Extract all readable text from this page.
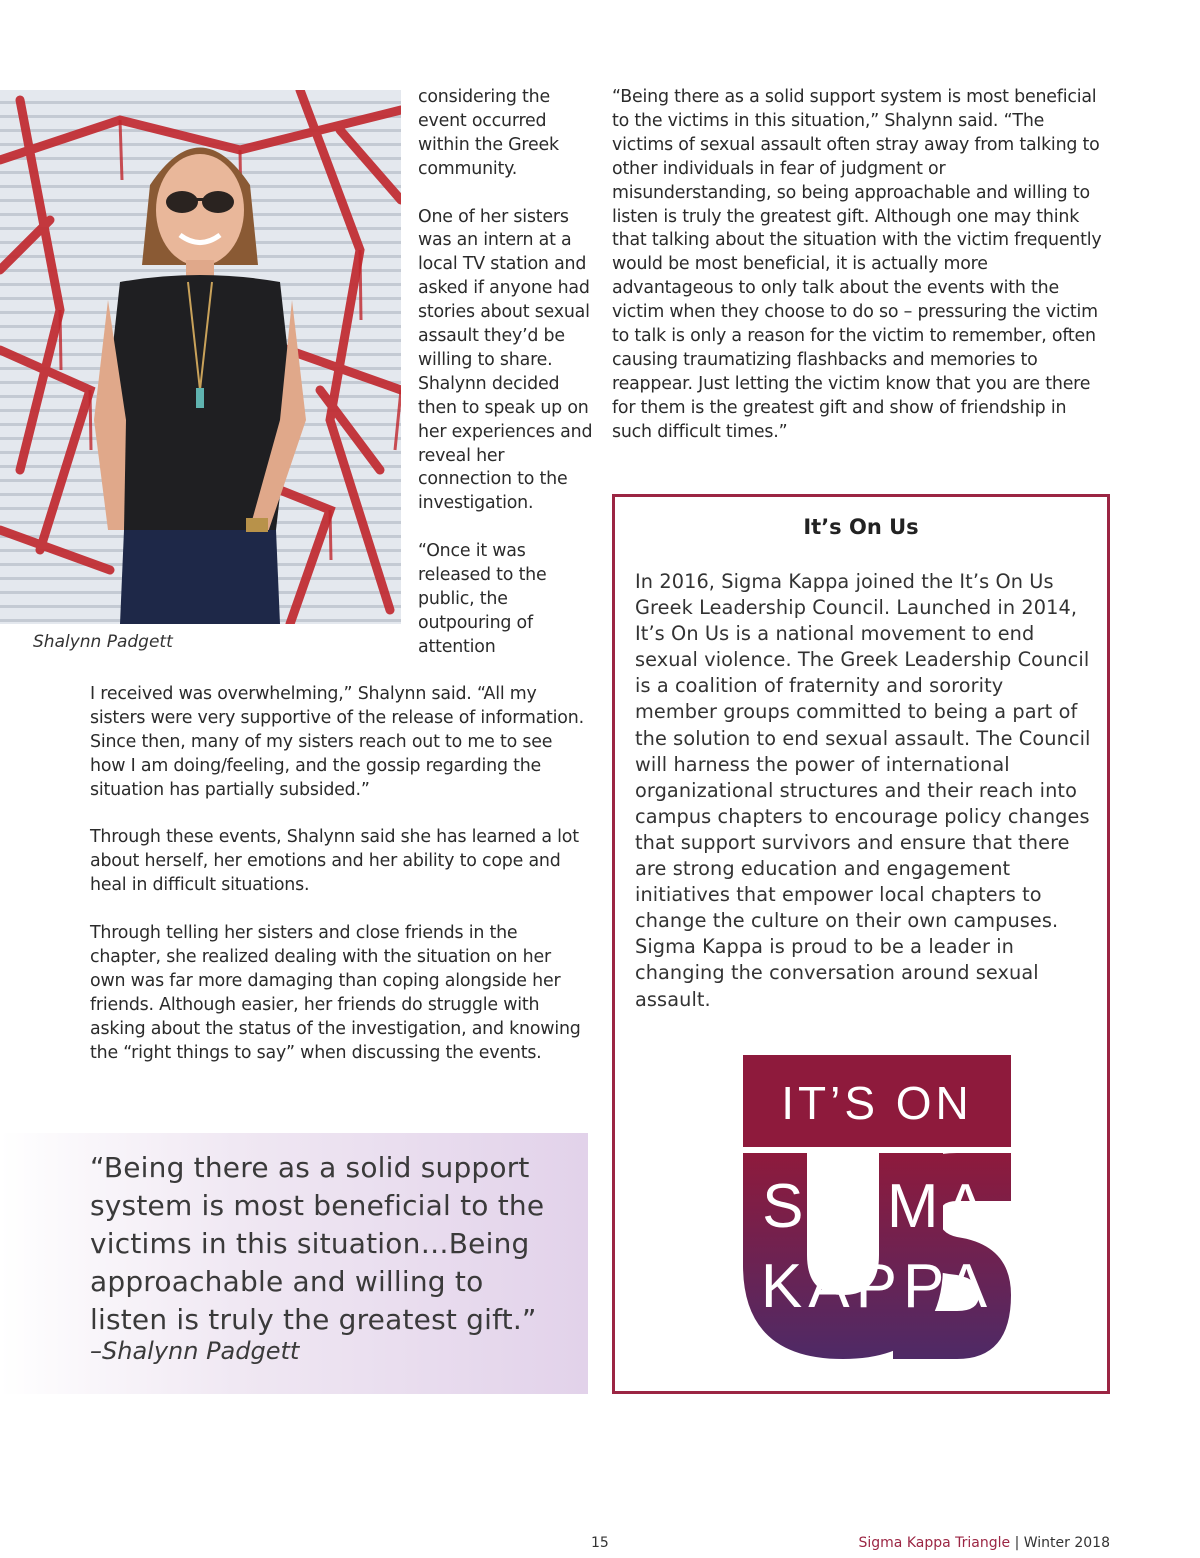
Shalynn Padgett

considering the event occurred within the Greek community.

One of her sisters was an intern at a local TV station and asked if anyone had stories about sexual assault they’d be willing to share. Shalynn decided then to speak up on her experiences and reveal her connection to the investigation.

“Once it was released to the public, the outpouring of attention

I received was overwhelming,” Shalynn said. “All my sisters were very supportive of the release of information. Since then, many of my sisters reach out to me to see how I am doing/feeling, and the gossip regarding the situation has partially subsided.”

Through these events, Shalynn said she has learned a lot about herself, her emotions and her ability to cope and heal in difficult situations.

Through telling her sisters and close friends in the chapter, she realized dealing with the situation on her own was far more damaging than coping alongside her friends. Although easier, her friends do struggle with asking about the status of the investigation, and knowing the “right things to say” when discussing the events.

“Being there as a solid support system is most beneficial to the victims in this situation,” Shalynn said. “The victims of sexual assault often stray away from talking to other individuals in fear of judgment or misunderstanding, so being approachable and willing to listen is truly the greatest gift. Although one may think that talking about the situation with the victim frequently would be most beneficial, it is actually more advantageous to only talk about the events with the victim when they choose to do so – pressuring the victim to talk is only a reason for the victim to remember, often causing traumatizing flashbacks and memories to reappear. Just letting the victim know that you are there for them is the greatest gift and show of friendship in such difficult times.”

“Being there as a solid support system is most beneficial to the victims in this situation…Being approachable and willing to listen is truly the greatest gift.”
–Shalynn Padgett
It’s On Us
In 2016, Sigma Kappa joined the It’s On Us Greek Leadership Council. Launched in 2014, It’s On Us is a national movement to end sexual violence. The Greek Leadership Council is a coalition of fraternity and sorority member groups committed to being a part of the solution to end sexual assault. The Council will harness the power of international organizational structures and their reach into campus chapters to encourage policy changes that support survivors and ensure that there are strong education and engagement initiatives that empower local chapters to change the culture on their own campuses. Sigma Kappa is proud to be a leader in changing the conversation around sexual assault.
IT’S ON
SIGMA
KAPPA
15	Sigma Kappa Triangle | Winter 2018
